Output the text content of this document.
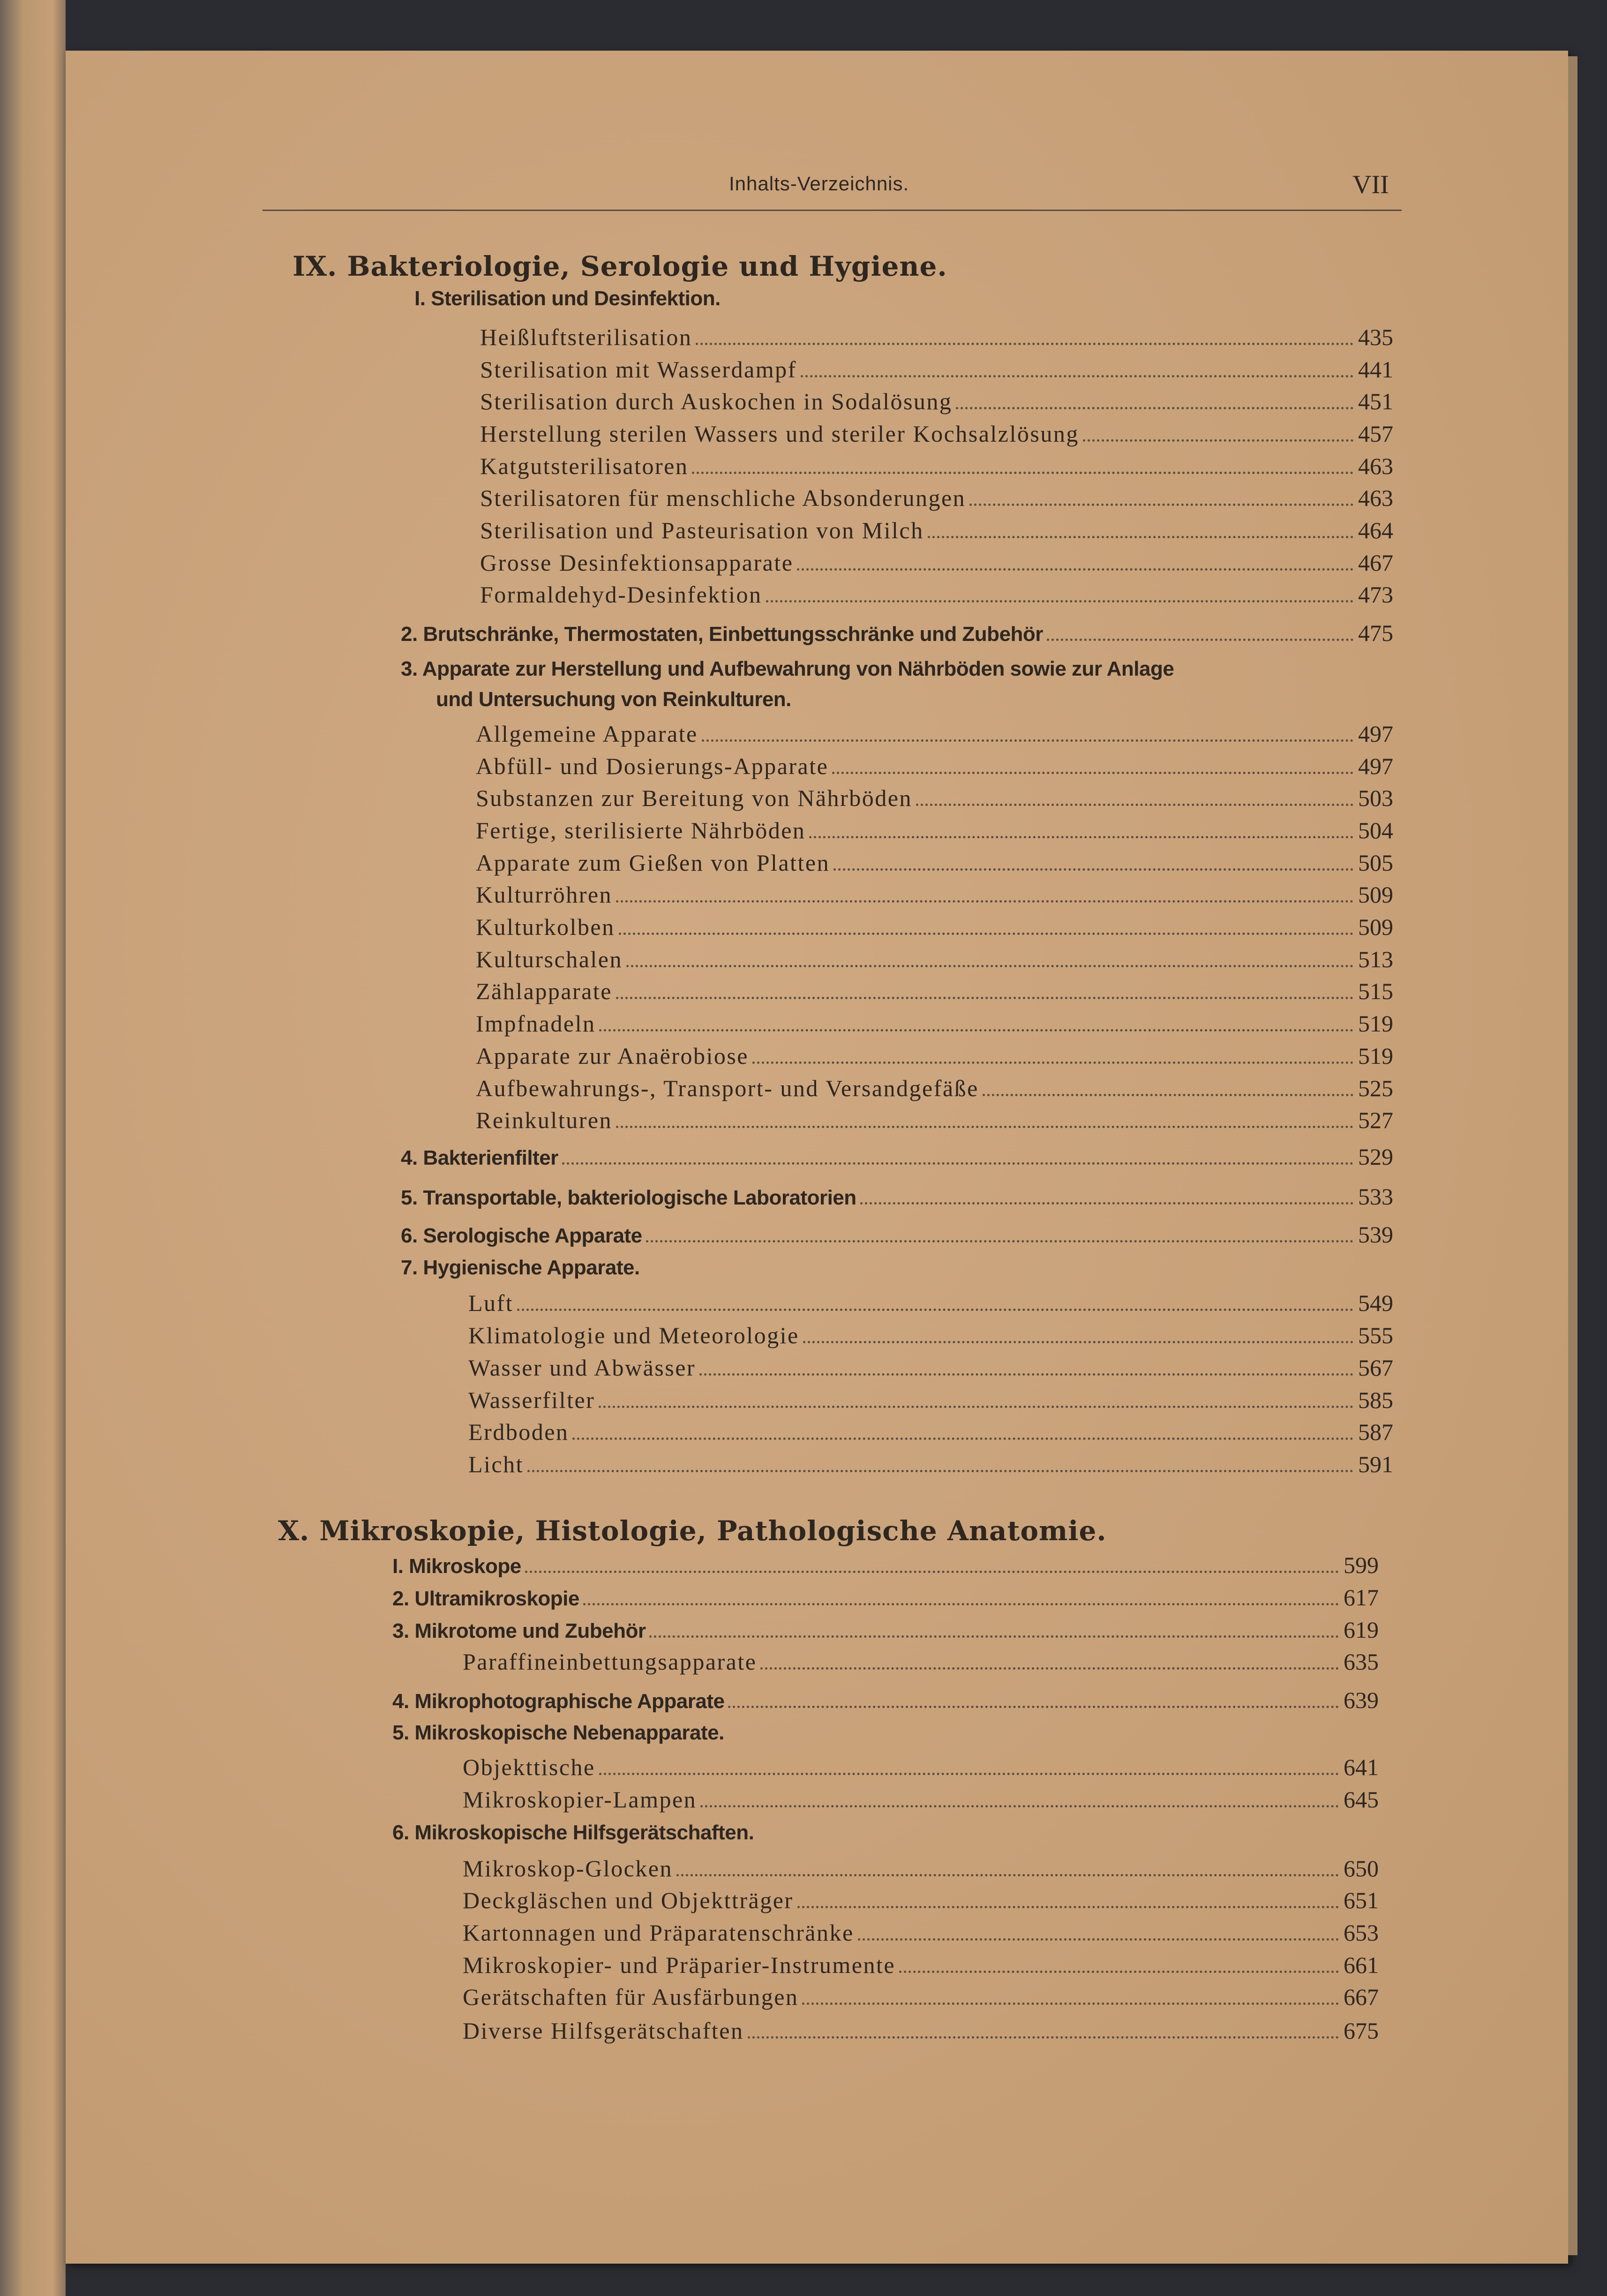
Inhalts-Verzeichnis.	VII
IX. Bakteriologie, Serologie und Hygiene.
I. Sterilisation und Desinfektion.
Heißluftsterilisation	435
Sterilisation mit Wasserdampf	441
Sterilisation durch Auskochen in Sodalösung	451
Herstellung sterilen Wassers und steriler Kochsalzlösung	457
Katgutsterilisatoren	463
Sterilisatoren für menschliche Absonderungen	463
Sterilisation und Pasteurisation von Milch	464
Grosse Desinfektionsapparate	467
Formaldehyd-Desinfektion	473
2. Brutschränke, Thermostaten, Einbettungsschränke und Zubehör	475
3. Apparate zur Herstellung und Aufbewahrung von Nährböden sowie zur Anlage
und Untersuchung von Reinkulturen.
Allgemeine Apparate	497
Abfüll- und Dosierungs-Apparate	497
Substanzen zur Bereitung von Nährböden	503
Fertige, sterilisierte Nährböden	504
Apparate zum Gießen von Platten	505
Kulturröhren	509
Kulturkolben	509
Kulturschalen	513
Zählapparate	515
Impfnadeln	519
Apparate zur Anaërobiose	519
Aufbewahrungs-, Transport- und Versandgefäße	525
Reinkulturen	527
4. Bakterienfilter	529
5. Transportable, bakteriologische Laboratorien	533
6. Serologische Apparate	539
7. Hygienische Apparate.
Luft	549
Klimatologie und Meteorologie	555
Wasser und Abwässer	567
Wasserfilter	585
Erdboden	587
Licht	591
X. Mikroskopie, Histologie, Pathologische Anatomie.
I. Mikroskope	599
2. Ultramikroskopie	617
3. Mikrotome und Zubehör	619
Paraffineinbettungsapparate	635
4. Mikrophotographische Apparate	639
5. Mikroskopische Nebenapparate.
Objekttische	641
Mikroskopier-Lampen	645
6. Mikroskopische Hilfsgerätschaften.
Mikroskop-Glocken	650
Deckgläschen und Objektträger	651
Kartonnagen und Präparatenschränke	653
Mikroskopier- und Präparier-Instrumente	661
Gerätschaften für Ausfärbungen	667
Diverse Hilfsgerätschaften	675
